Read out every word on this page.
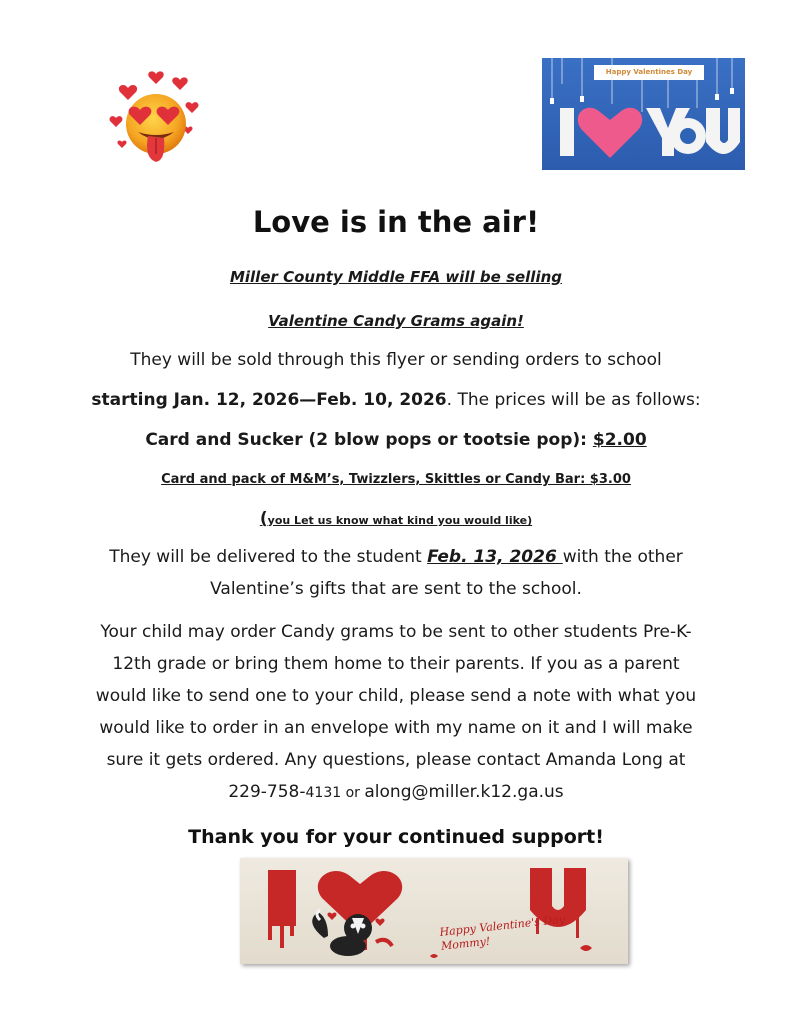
Happy Valentines Day
Love is in the air!
Miller County Middle FFA will be selling
Valentine Candy Grams again!
They will be sold through this flyer or sending orders to school
starting Jan. 12, 2026—Feb. 10, 2026. The prices will be as follows:
Card and Sucker (2 blow pops or tootsie pop): $2.00
Card and pack of M&M’s, Twizzlers, Skittles or Candy Bar: $3.00
(you Let us know what kind you would like)
They will be delivered to the student Feb. 13, 2026 with the other
Valentine’s gifts that are sent to the school.
Your child may order Candy grams to be sent to other students Pre-K-
12th grade or bring them home to their parents. If you as a parent
would like to send one to your child, please send a note with what you
would like to order in an envelope with my name on it and I will make
sure it gets ordered. Any questions, please contact Amanda Long at
229-758-4131 or along@miller.k12.ga.us
Thank you for your continued support!
Happy Valentine's Day Mommy!
